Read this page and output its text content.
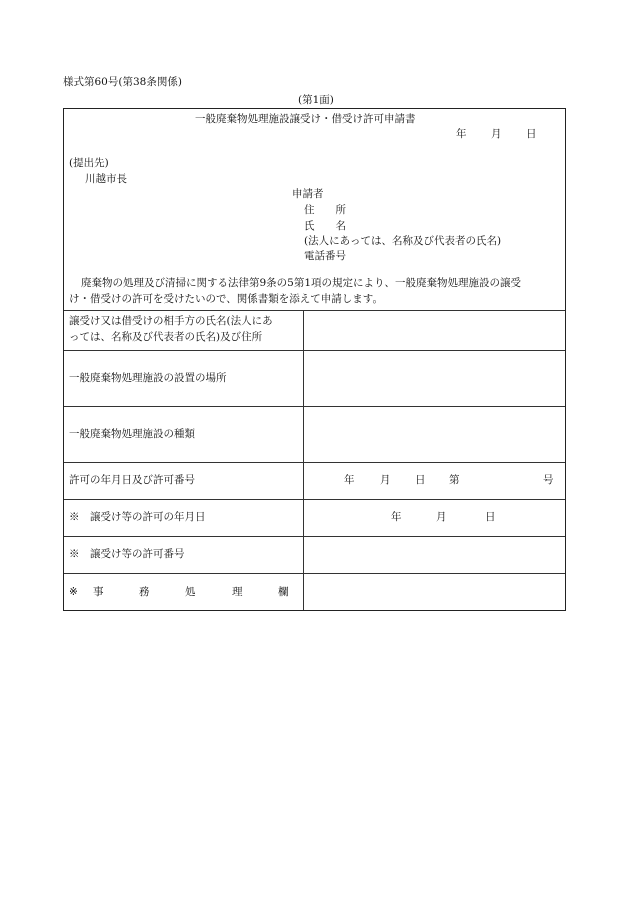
様式第60号(第38条関係)
(第1面)
一般廃棄物処理施設譲受け・借受け許可申請書
年 月 日
(提出先)
川越市長
申請者
住　　所
氏　　名
(法人にあっては、名称及び代表者の氏名)
電話番号
廃棄物の処理及び清掃に関する法律第9条の5第1項の規定により、一般廃棄物処理施設の譲受
け・借受けの許可を受けたいので、関係書類を添えて申請します。
譲受け又は借受けの相手方の氏名(法人にあ
っては、名称及び代表者の氏名)及び住所
一般廃棄物処理施設の設置の場所
一般廃棄物処理施設の種類
許可の年月日及び許可番号	年 月 日 第	号
※　譲受け等の許可の年月日	年	月	日
※　譲受け等の許可番号
※ 事	務	処	理	欄
